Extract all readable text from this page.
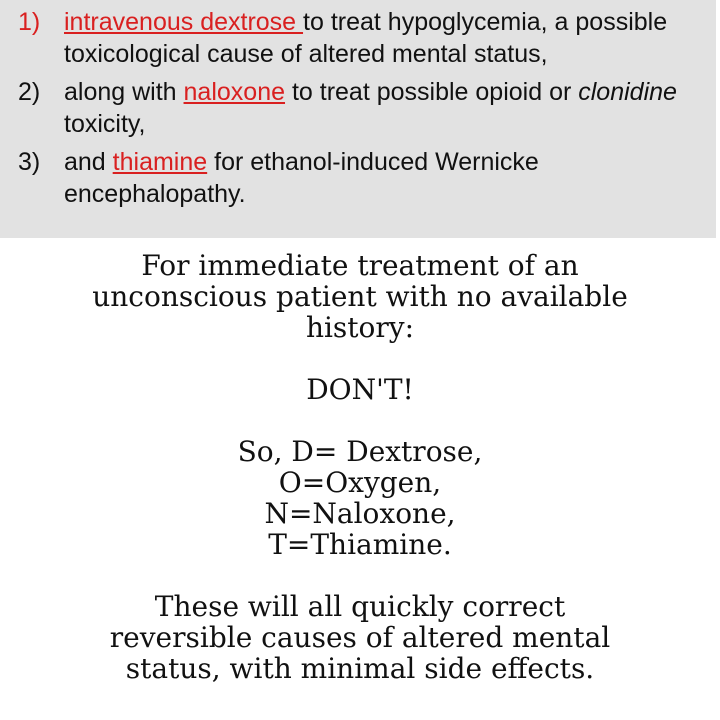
1) intravenous dextrose to treat hypoglycemia, a possible toxicological cause of altered mental status,
2) along with naloxone to treat possible opioid or clonidine toxicity,
3) and thiamine for ethanol-induced Wernicke encephalopathy.

For immediate treatment of an

unconscious patient with no available

history:

DON'T!

So, D= Dextrose,

O=Oxygen,

N=Naloxone,

T=Thiamine.

These will all quickly correct

reversible causes of altered mental

status, with minimal side effects.
